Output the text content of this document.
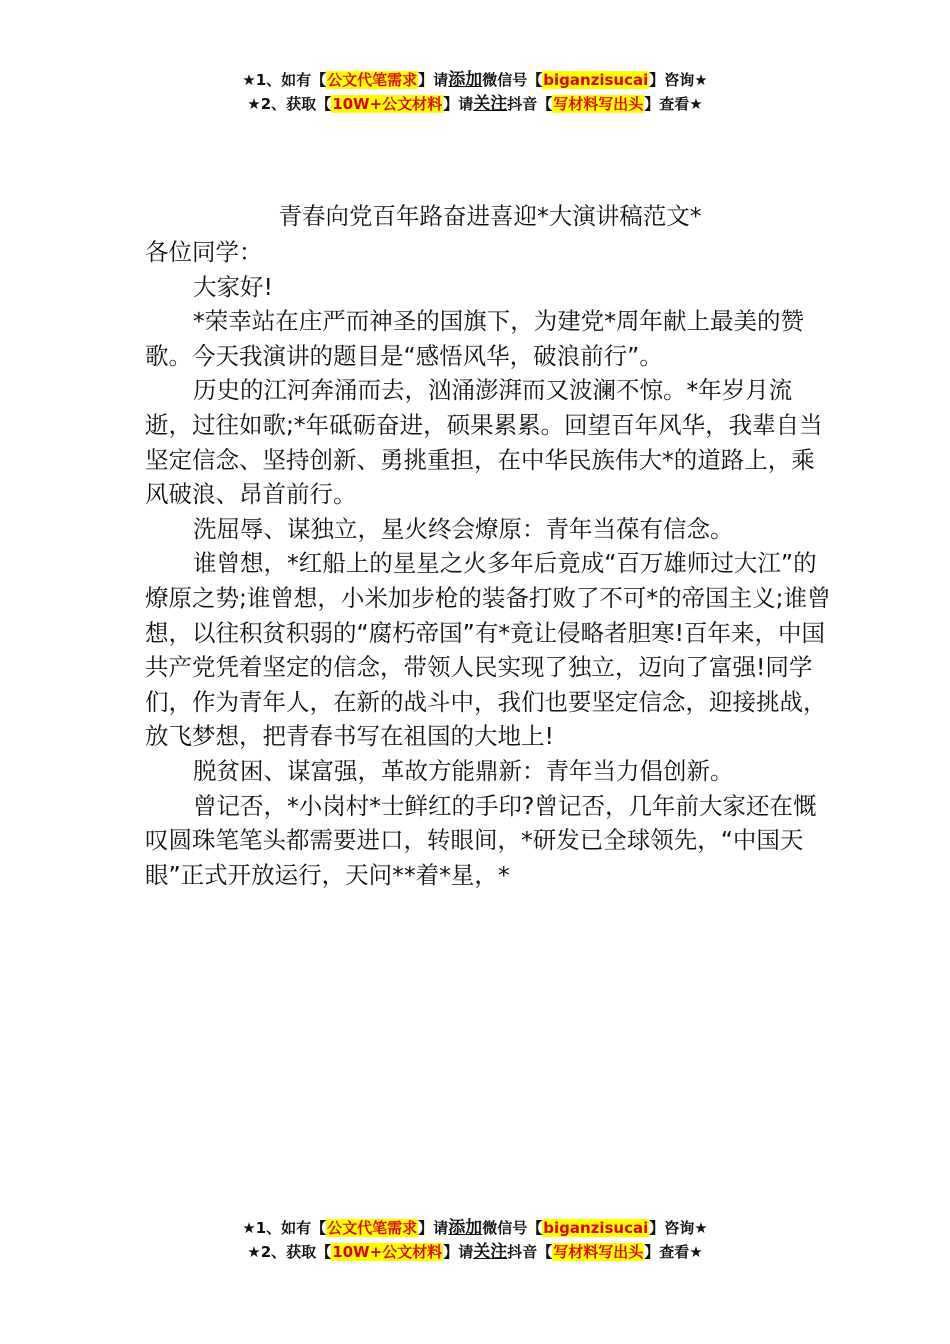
★1、如有【公文代笔需求】请添加微信号【biganzisucai】咨询★
★2、获取【10W+公文材料】请关注抖音【写材料写出头】查看★
青春向党百年路奋进喜迎*大演讲稿范文*

各位同学：

大家好!

*荣幸站在庄严而神圣的国旗下，为建党*周年献上最美的赞歌。今天我演讲的题目是“感悟风华，破浪前行”。

历史的江河奔涌而去，汹涌澎湃而又波澜不惊。*年岁月流逝，过往如歌;*年砥砺奋进，硕果累累。回望百年风华，我辈自当坚定信念、坚持创新、勇挑重担，在中华民族伟大*的道路上，乘风破浪、昂首前行。

洗屈辱、谋独立，星火终会燎原：青年当葆有信念。

谁曾想，*红船上的星星之火多年后竟成“百万雄师过大江”的燎原之势;谁曾想，小米加步枪的装备打败了不可*的帝国主义;谁曾想，以往积贫积弱的“腐朽帝国”有*竟让侵略者胆寒!百年来，中国共产党凭着坚定的信念，带领人民实现了独立，迈向了富强!同学们，作为青年人，在新的战斗中，我们也要坚定信念，迎接挑战，放飞梦想，把青春书写在祖国的大地上!

脱贫困、谋富强，革故方能鼎新：青年当力倡创新。

曾记否，*小岗村*士鲜红的手印?曾记否，几年前大家还在慨叹圆珠笔笔头都需要进口，转眼间，*研发已全球领先，“中国天眼”正式开放运行，天问**着*星，*

★1、如有【公文代笔需求】请添加微信号【biganzisucai】咨询★
★2、获取【10W+公文材料】请关注抖音【写材料写出头】查看★
